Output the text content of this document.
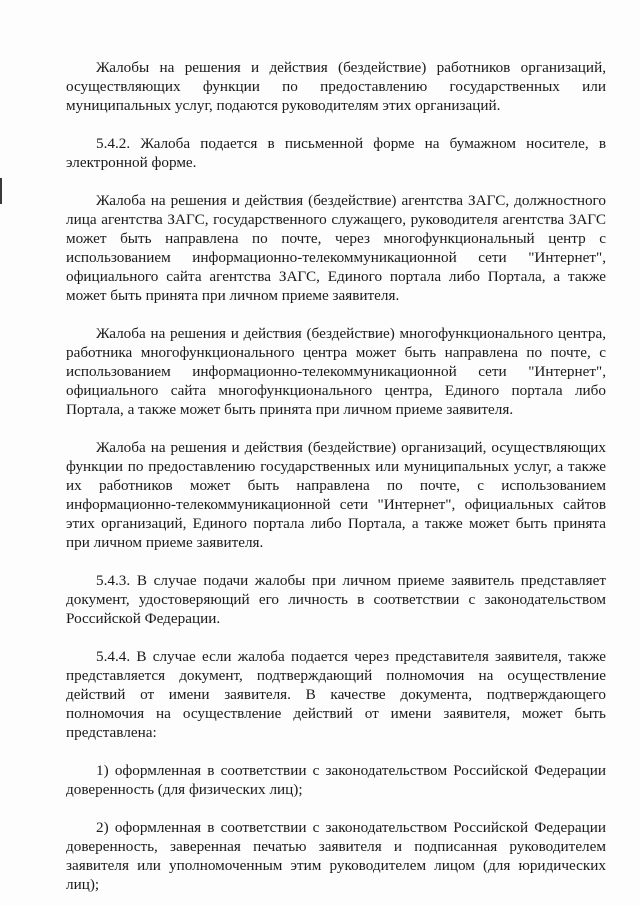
Жалобы на решения и действия (бездействие) работников организаций, осуществляющих функции по предоставлению государственных или муниципальных услуг, подаются руководителям этих организаций.

5.4.2. Жалоба подается в письменной форме на бумажном носителе, в электронной форме.

Жалоба на решения и действия (бездействие) агентства ЗАГС, должностного лица агентства ЗАГС, государственного служащего, руководителя агентства ЗАГС может быть направлена по почте, через многофункциональный центр с использованием информационно-телекоммуникационной сети "Интернет", официального сайта агентства ЗАГС, Единого портала либо Портала, а также может быть принята при личном приеме заявителя.

Жалоба на решения и действия (бездействие) многофункционального центра, работника многофункционального центра может быть направлена по почте, с использованием информационно-телекоммуникационной сети "Интернет", официального сайта многофункционального центра, Единого портала либо Портала, а также может быть принята при личном приеме заявителя.

Жалоба на решения и действия (бездействие) организаций, осуществляющих функции по предоставлению государственных или муниципальных услуг, а также их работников может быть направлена по почте, с использованием информационно-телекоммуникационной сети "Интернет", официальных сайтов этих организаций, Единого портала либо Портала, а также может быть принята при личном приеме заявителя.

5.4.3. В случае подачи жалобы при личном приеме заявитель представляет документ, удостоверяющий его личность в соответствии с законодательством Российской Федерации.

5.4.4. В случае если жалоба подается через представителя заявителя, также представляется документ, подтверждающий полномочия на осуществление действий от имени заявителя. В качестве документа, подтверждающего полномочия на осуществление действий от имени заявителя, может быть представлена:

1) оформленная в соответствии с законодательством Российской Федерации доверенность (для физических лиц);

2) оформленная в соответствии с законодательством Российской Федерации доверенность, заверенная печатью заявителя и подписанная руководителем заявителя или уполномоченным этим руководителем лицом (для юридических лиц);
